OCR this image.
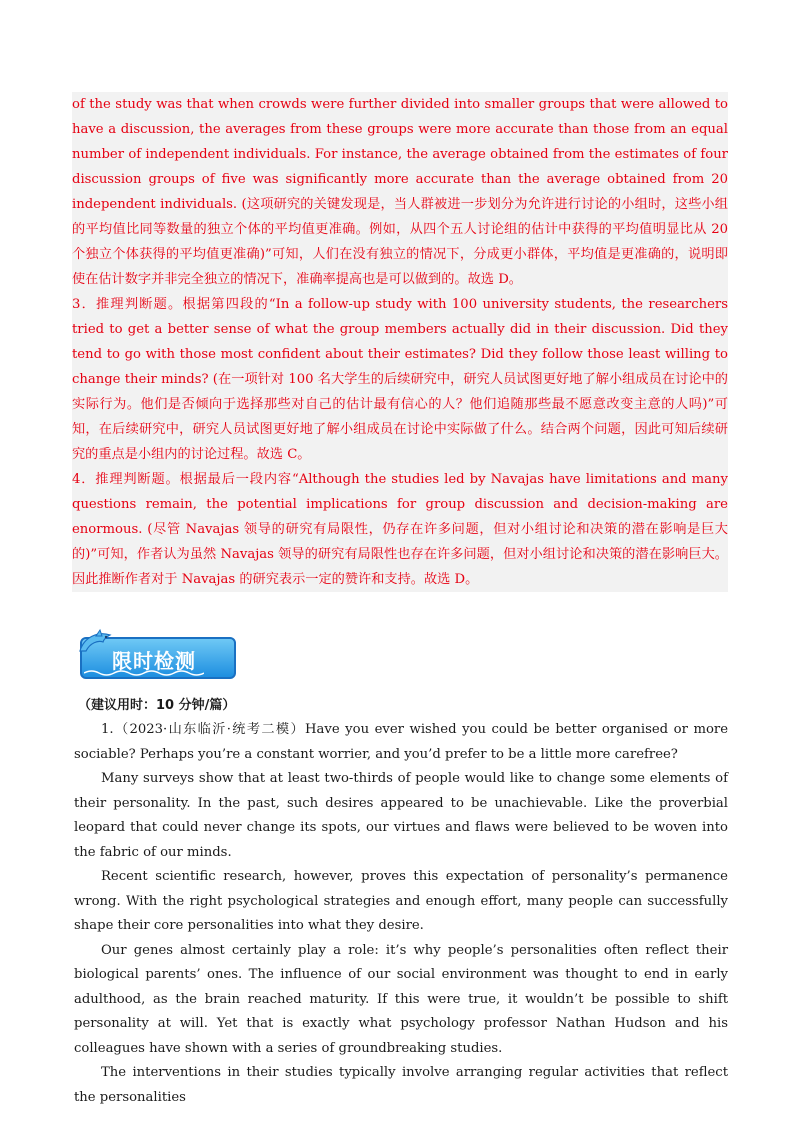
of the study was that when crowds were further divided into smaller groups that were allowed to have a discussion, the averages from these groups were more accurate than those from an equal number of independent individuals. For instance, the average obtained from the estimates of four discussion groups of five was significantly more accurate than the average obtained from 20 independent individuals. (这项研究的关键发现是，当人群被进一步划分为允许进行讨论的小组时，这些小组的平均值比同等数量的独立个体的平均值更准确。例如，从四个五人讨论组的估计中获得的平均值明显比从 20 个独立个体获得的平均值更准确)”可知，人们在没有独立的情况下，分成更小群体，平均值是更准确的，说明即使在估计数字并非完全独立的情况下，准确率提高也是可以做到的。故选 D。

3．推理判断题。根据第四段的“In a follow-up study with 100 university students, the researchers tried to get a better sense of what the group members actually did in their discussion. Did they tend to go with those most confident about their estimates? Did they follow those least willing to change their minds? (在一项针对 100 名大学生的后续研究中，研究人员试图更好地了解小组成员在讨论中的实际行为。他们是否倾向于选择那些对自己的估计最有信心的人？他们追随那些最不愿意改变主意的人吗)”可知，在后续研究中，研究人员试图更好地了解小组成员在讨论中实际做了什么。结合两个问题，因此可知后续研究的重点是小组内的讨论过程。故选 C。

4．推理判断题。根据最后一段内容“Although the studies led by Navajas have limitations and many questions remain, the potential implications for group discussion and decision-making are enormous. (尽管 Navajas 领导的研究有局限性，仍存在许多问题，但对小组讨论和决策的潜在影响是巨大的)”可知，作者认为虽然 Navajas 领导的研究有局限性也存在许多问题，但对小组讨论和决策的潜在影响巨大。因此推断作者对于 Navajas 的研究表示一定的赞许和支持。故选 D。

限时检测
（建议用时：10 分钟/篇）

1.（2023·山东临沂·统考二模）Have you ever wished you could be better organised or more sociable? Perhaps you’re a constant worrier, and you’d prefer to be a little more carefree?

Many surveys show that at least two-thirds of people would like to change some elements of their personality. In the past, such desires appeared to be unachievable. Like the proverbial leopard that could never change its spots, our virtues and flaws were believed to be woven into the fabric of our minds.

Recent scientific research, however, proves this expectation of personality’s permanence wrong. With the right psychological strategies and enough effort, many people can successfully shape their core personalities into what they desire.

Our genes almost certainly play a role: it’s why people’s personalities often reflect their biological parents’ ones. The influence of our social environment was thought to end in early adulthood, as the brain reached maturity. If this were true, it wouldn’t be possible to shift personality at will. Yet that is exactly what psychology professor Nathan Hudson and his colleagues have shown with a series of groundbreaking studies.

The interventions in their studies typically involve arranging regular activities that reflect the personalities
